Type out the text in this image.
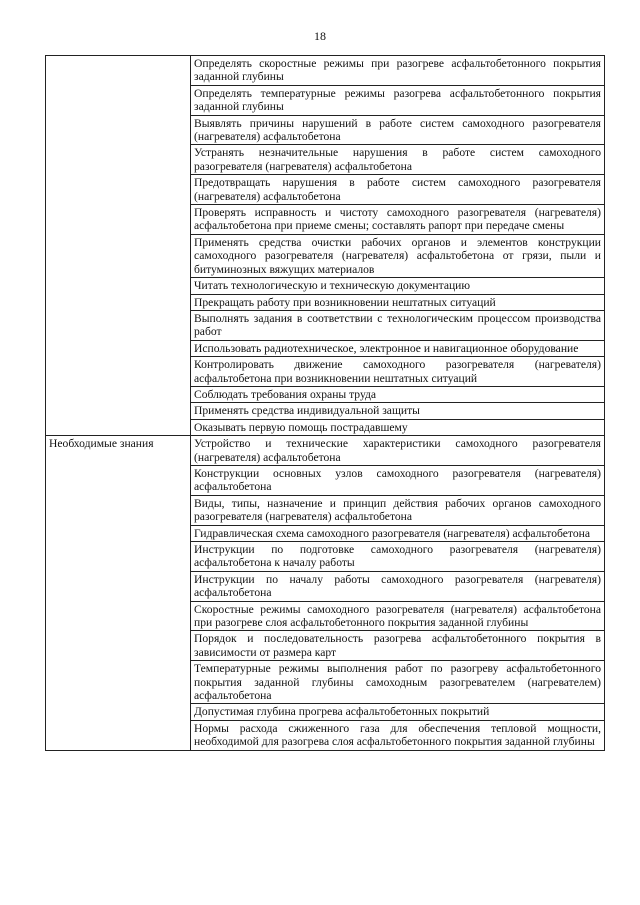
18

	Определять скоростные режимы при разогреве асфальтобетонного покрытия заданной глубины

	Определять температурные режимы разогрева асфальтобетонного покрытия заданной глубины

	Выявлять причины нарушений в работе систем самоходного разогревателя (нагревателя) асфальтобетона

	Устранять незначительные нарушения в работе систем самоходного разогревателя (нагревателя) асфальтобетона

	Предотвращать нарушения в работе систем самоходного разогревателя (нагревателя) асфальтобетона

	Проверять исправность и чистоту самоходного разогревателя (нагревателя) асфальтобетона при приеме смены; составлять рапорт при передаче смены

	Применять средства очистки рабочих органов и элементов конструкции самоходного разогревателя (нагревателя) асфальтобетона от грязи, пыли и битуминозных вяжущих материалов

	Читать технологическую и техническую документацию

	Прекращать работу при возникновении нештатных ситуаций

	Выполнять задания в соответствии с технологическим процессом производства работ

	Использовать радиотехническое, электронное и навигационное оборудование

	Контролировать движение самоходного разогревателя (нагревателя) асфальтобетона при возникновении нештатных ситуаций

	Соблюдать требования охраны труда

	Применять средства индивидуальной защиты

	Оказывать первую помощь пострадавшему

Необходимые знания	Устройство и технические характеристики самоходного разогревателя (нагревателя) асфальтобетона

	Конструкции основных узлов самоходного разогревателя (нагревателя) асфальтобетона

	Виды, типы, назначение и принцип действия рабочих органов самоходного разогревателя (нагревателя) асфальтобетона

	Гидравлическая схема самоходного разогревателя (нагревателя) асфальтобетона

	Инструкции по подготовке самоходного разогревателя (нагревателя) асфальтобетона к началу работы

	Инструкции по началу работы самоходного разогревателя (нагревателя) асфальтобетона

	Скоростные режимы самоходного разогревателя (нагревателя) асфальтобетона при разогреве слоя асфальтобетонного покрытия заданной глубины

	Порядок и последовательность разогрева асфальтобетонного покрытия в зависимости от размера карт

	Температурные режимы выполнения работ по разогреву асфальтобетонного покрытия заданной глубины самоходным разогревателем (нагревателем) асфальтобетона

	Допустимая глубина прогрева асфальтобетонных покрытий

	Нормы расхода сжиженного газа для обеспечения тепловой мощности, необходимой для разогрева слоя асфальтобетонного покрытия заданной глубины
